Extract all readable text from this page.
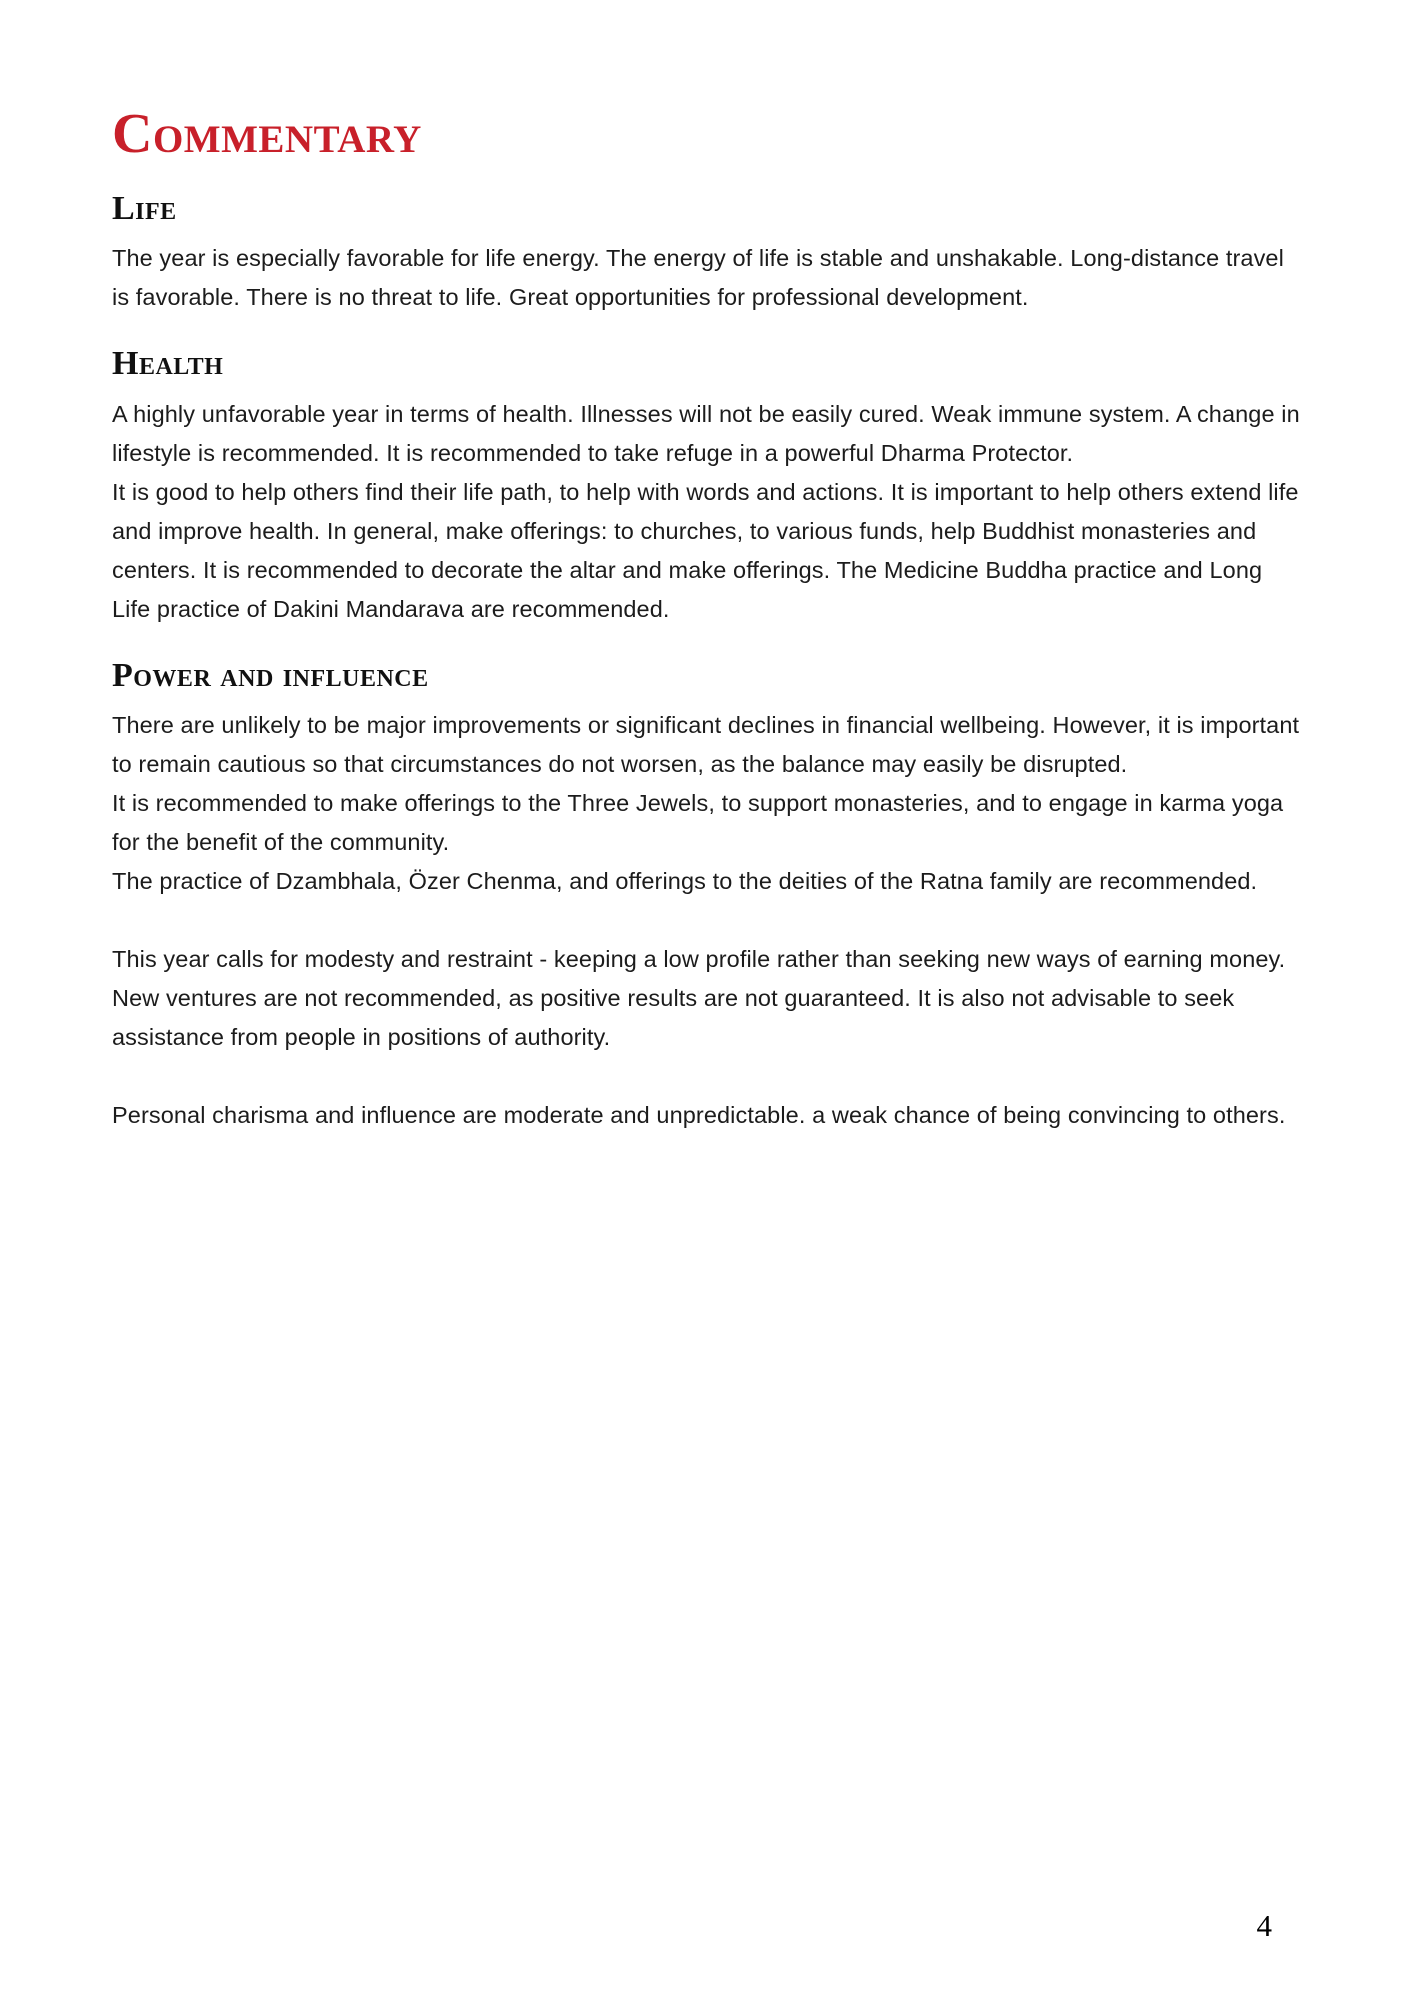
Commentary
Life

The year is especially favorable for life energy. The energy of life is stable and unshakable. Long-distance travel is favorable. There is no threat to life. Great opportunities for professional development.

Health

A highly unfavorable year in terms of health. Illnesses will not be easily cured. Weak immune system. A change in lifestyle is recommended. It is recommended to take refuge in a powerful Dharma Protector.

It is good to help others find their life path, to help with words and actions. It is important to help others extend life and improve health. In general, make offerings: to churches, to various funds, help Buddhist monasteries and centers. It is recommended to decorate the altar and make offerings. The Medicine Buddha practice and Long Life practice of Dakini Mandarava are recommended.

Power and influence

There are unlikely to be major improvements or significant declines in financial wellbeing. However, it is important to remain cautious so that circumstances do not worsen, as the balance may easily be disrupted.

It is recommended to make offerings to the Three Jewels, to support monasteries, and to engage in karma yoga for the benefit of the community.

The practice of Dzambhala, Özer Chenma, and offerings to the deities of the Ratna family are recommended.

This year calls for modesty and restraint - keeping a low profile rather than seeking new ways of earning money. New ventures are not recommended, as positive results are not guaranteed. It is also not advisable to seek assistance from people in positions of authority.

Personal charisma and influence are moderate and unpredictable. a weak chance of being convincing to others.

4
